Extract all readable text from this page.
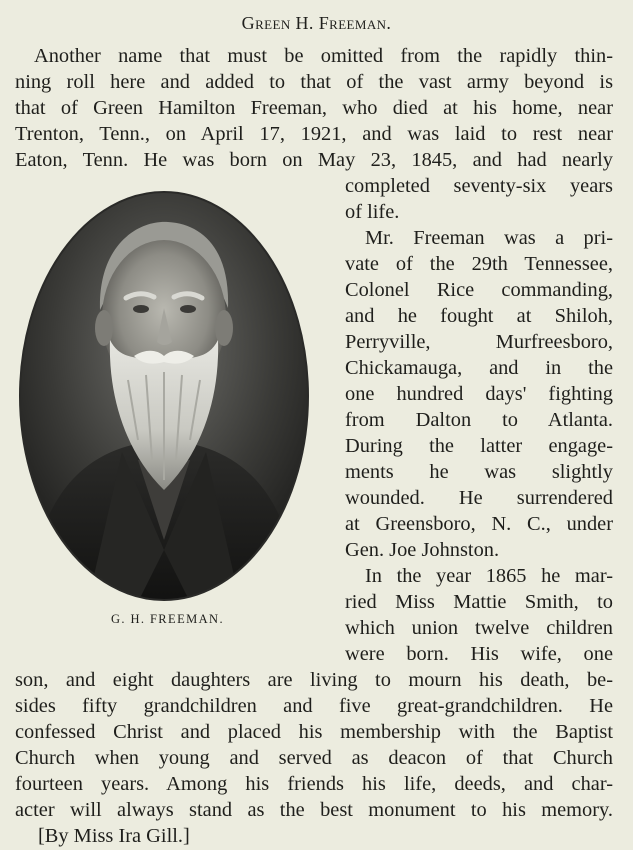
Green H. Freeman.
Another name that must be omitted from the rapidly thin-
ning roll here and added to that of the vast army beyond is
that of Green Hamilton Freeman, who died at his home, near
Trenton, Tenn., on April 17, 1921, and was laid to rest near
Eaton, Tenn. He was born on May 23, 1845, and had nearly
completed seventy-six years
of life.
Mr. Freeman was a pri-
vate of the 29th Tennessee,
Colonel Rice commanding,
and he fought at Shiloh,
Perryville, Murfreesboro,
Chickamauga, and in the
one hundred days' fighting
from Dalton to Atlanta.
During the latter engage-
ments he was slightly
wounded. He surrendered
at Greensboro, N. C., under
Gen. Joe Johnston.
In the year 1865 he mar-
ried Miss Mattie Smith, to
which union twelve children
were born. His wife, one
son, and eight daughters are living to mourn his death, be-
sides fifty grandchildren and five great-grandchildren. He
confessed Christ and placed his membership with the Baptist
Church when young and served as deacon of that Church
fourteen years. Among his friends his life, deeds, and char-
acter will always stand as the best monument to his memory.
[By Miss Ira Gill.]
G. H. FREEMAN.
